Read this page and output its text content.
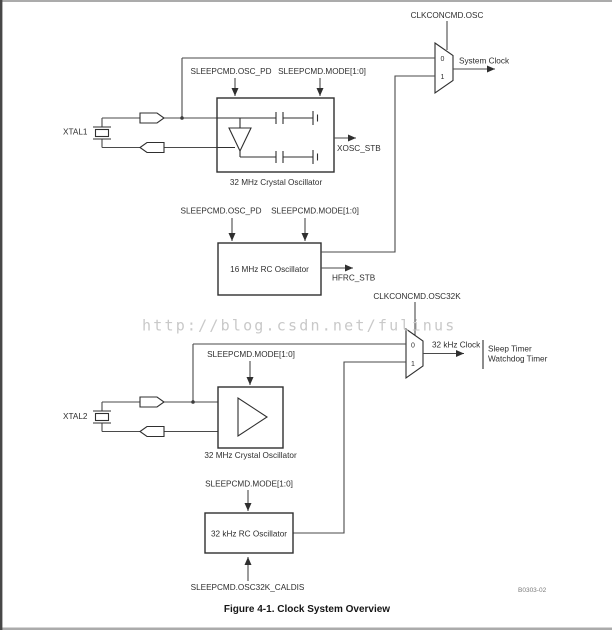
CLKCONCMD.OSC
0
1
System Clock
XTAL1
SLEEPCMD.OSC_PD SLEEPCMD.MODE[1:0]
32 MHz Crystal Oscillator
XOSC_STB
SLEEPCMD.OSC_PD SLEEPCMD.MODE[1:0]
16 MHz RC Oscillator
HFRC_STB
CLKCONCMD.OSC32K
0
1
32 kHz Clock Sleep Timer
Watchdog Timer
XTAL2
SLEEPCMD.MODE[1:0]
32 MHz Crystal Oscillator
SLEEPCMD.MODE[1:0]
32 kHz RC Oscillator
SLEEPCMD.OSC32K_CALDIS
http://blog.csdn.net/fulinus
Figure 4-1. Clock System Overview
B0303-02
